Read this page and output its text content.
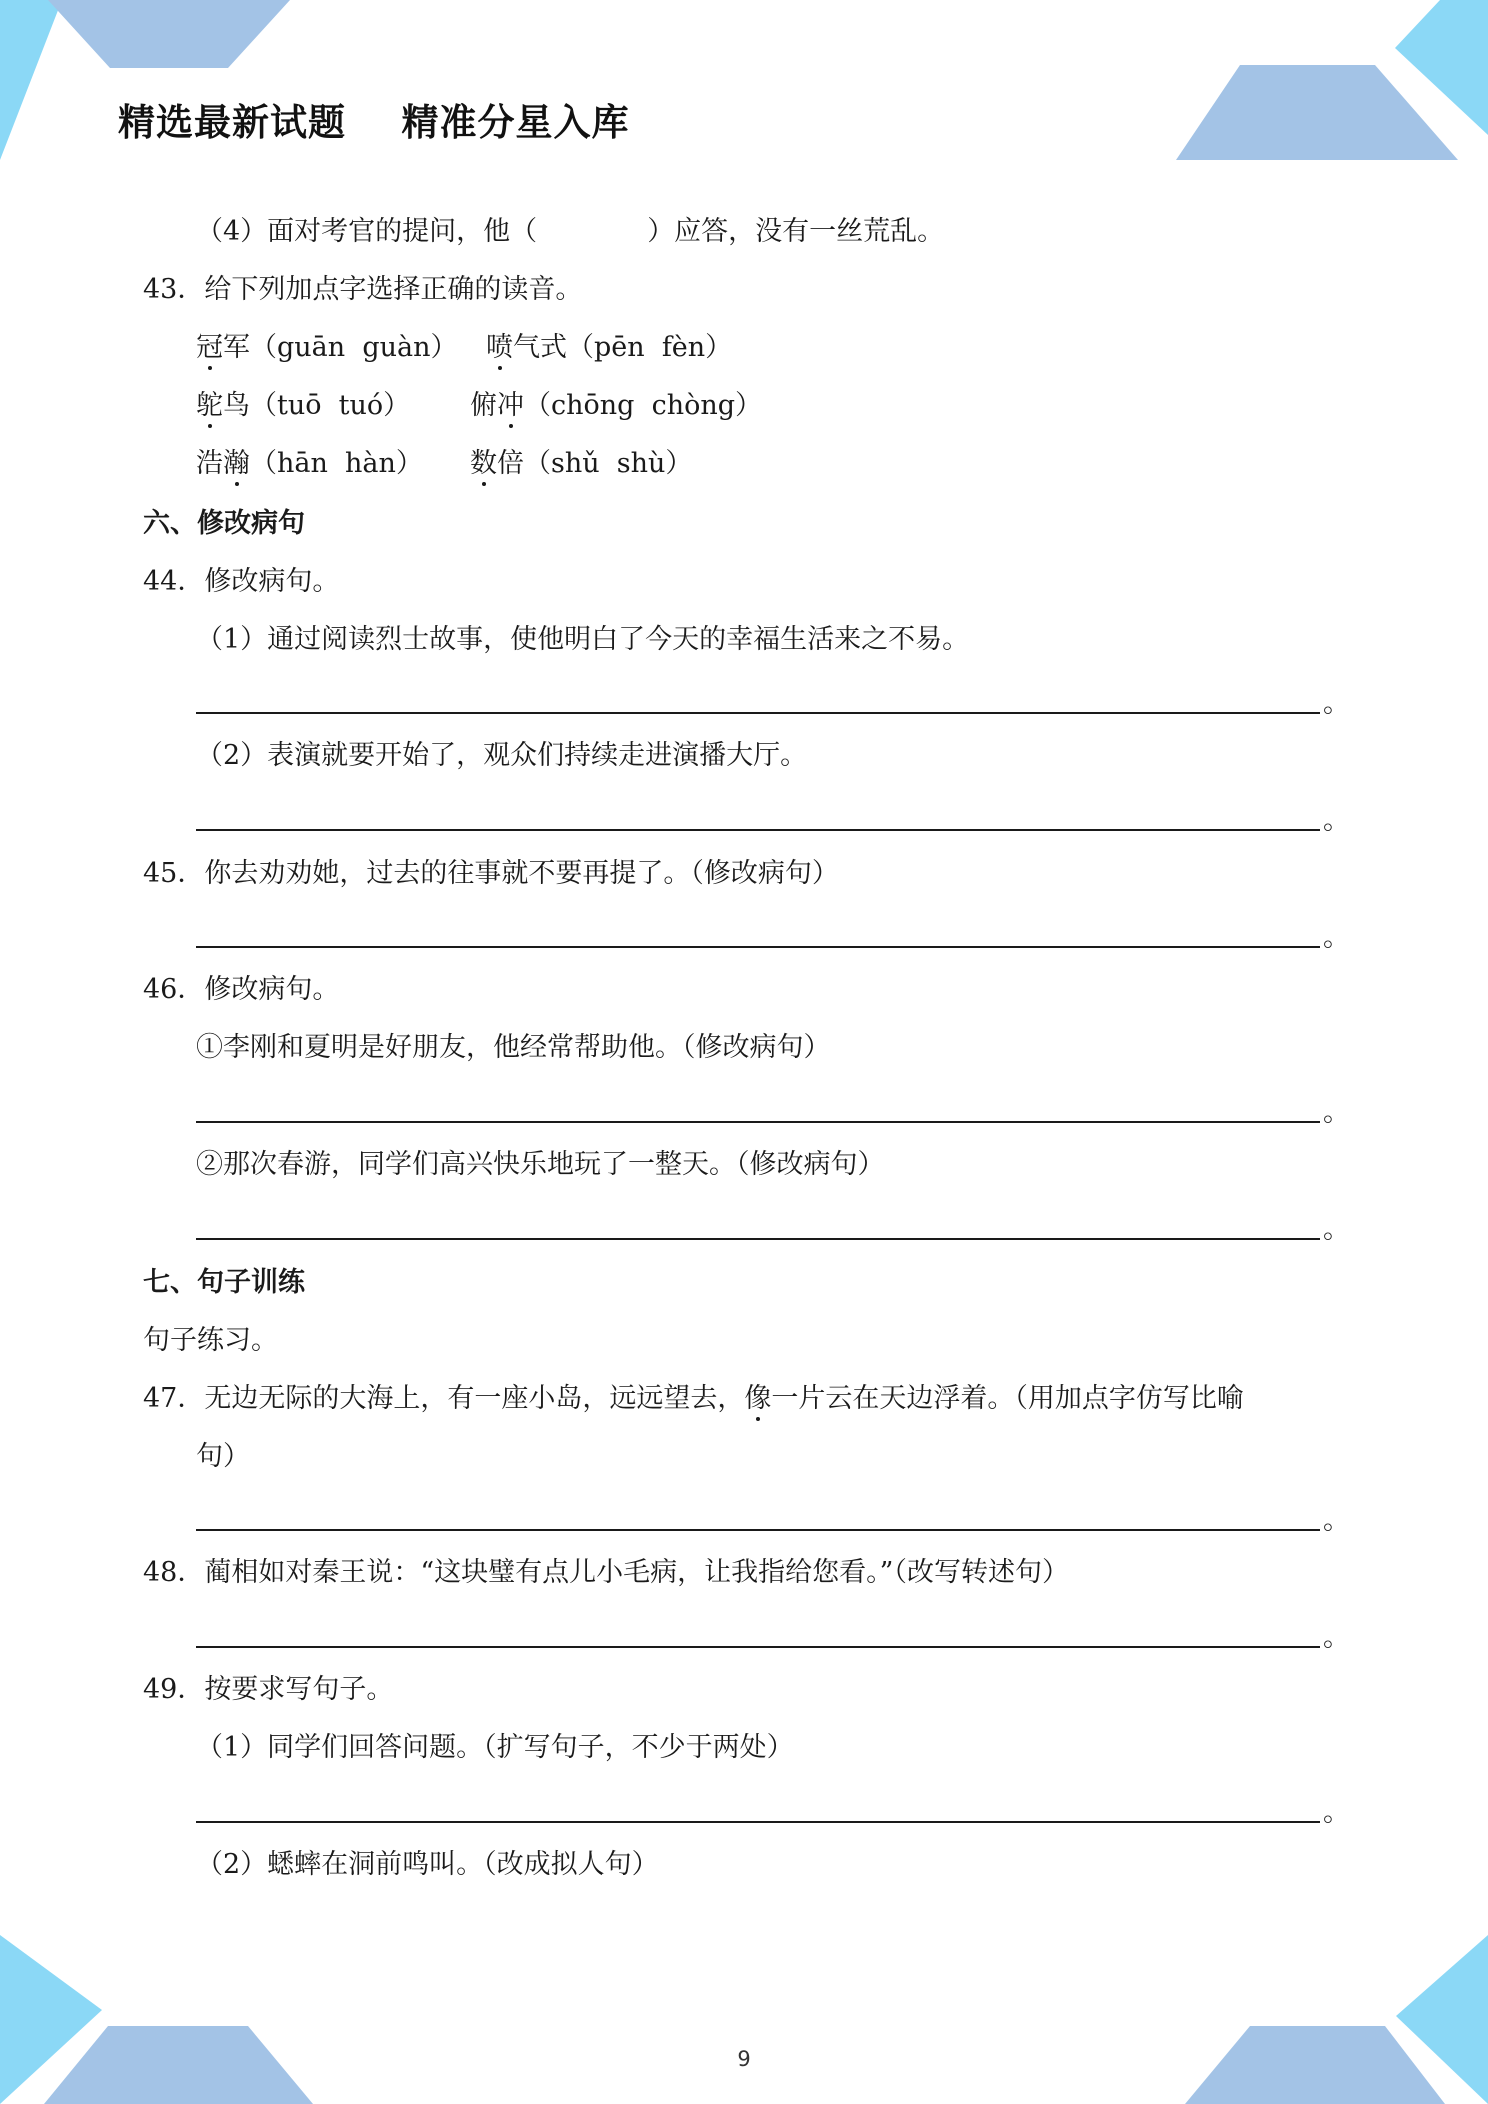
精选最新试题    精准分星入库
（4）面对考官的提问，他（	）应答，没有一丝荒乱。
43．给下列加点字选择正确的读音。
冠军（guān  guàn） 喷气式（pēn  fèn）
鸵鸟（tuō  tuó） 俯冲（chōng  chòng）
浩瀚（hān  hàn） 数倍（shǔ  shù）
六、修改病句
44．修改病句。
（1）通过阅读烈士故事，使他明白了今天的幸福生活来之不易。
。
（2）表演就要开始了，观众们持续走进演播大厅。
。
45．你去劝劝她，过去的往事就不要再提了。（修改病句）
。
46．修改病句。
①李刚和夏明是好朋友，他经常帮助他。（修改病句）
。
②那次春游，同学们高兴快乐地玩了一整天。（修改病句）
。
七、句子训练
句子练习。
47．无边无际的大海上，有一座小岛，远远望去，像一片云在天边浮着。（用加点字仿写比喻
句）
。
48．蔺相如对秦王说：“这块璧有点儿小毛病，让我指给您看。”（改写转述句）
。
49．按要求写句子。
（1）同学们回答问题。（扩写句子，不少于两处）
。
（2）蟋蟀在洞前鸣叫。（改成拟人句）
9
